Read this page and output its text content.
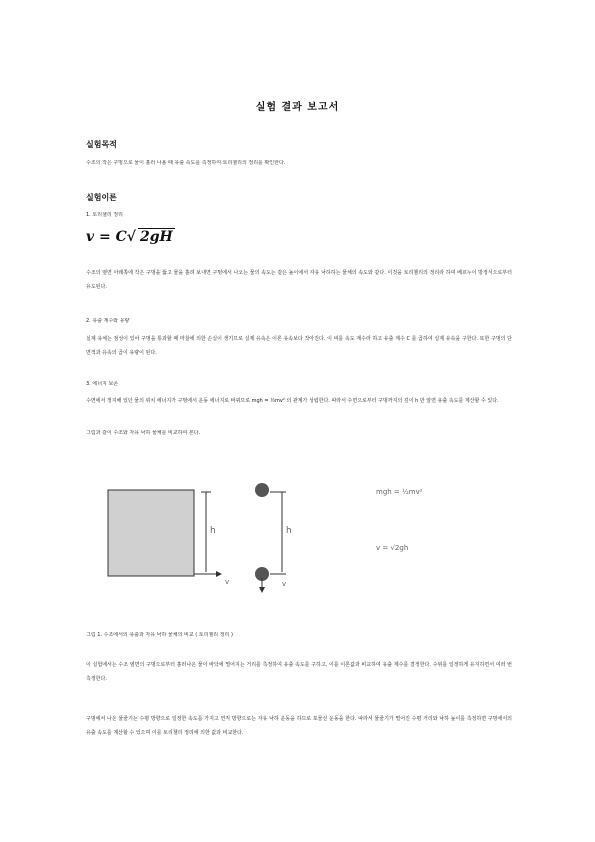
실험 결과 보고서
실험목적
수조의 작은 구멍으로 물이 흘러 나올 때 유출 속도를 측정하여 토리첼리의 정리를 확인한다.
실험이론
1. 토리첼리 정리
v = C√ 2gH
수조의 옆면 아래쪽에 작은 구멍을 뚫고 물을 흘려 보내면 구멍에서 나오는 물의 속도는 같은 높이에서 자유 낙하하는 물체의 속도와 같다. 이것을 토리첼리의 정리라 하며 베르누이 방정식으로부터 유도된다.
2. 유출 계수와 유량
실제 유체는 점성이 있어 구멍을 통과할 때 마찰에 의한 손실이 생기므로 실제 유속은 이론 유속보다 작아진다. 이 비를 속도 계수라 하고 유출 계수 C 를 곱하여 실제 유속을 구한다. 또한 구멍의 단면적과 유속의 곱이 유량이 된다.
3. 에너지 보존
수면에서 정지해 있던 물의 위치 에너지가 구멍에서 운동 에너지로 바뀌므로 mgh = ½mv² 의 관계가 성립한다. 따라서 수면으로부터 구멍까지의 깊이 h 만 알면 유출 속도를 계산할 수 있다.
그림과 같이 수조와 자유 낙하 물체를 비교하여 본다.
h
v
h
v
mgh = ½mv²
v = √2gh
그림 1. 수조에서의 유출과 자유 낙하 물체의 비교 ( 토리첼리 정리 )
이 실험에서는 수조 옆면의 구멍으로부터 흘러나온 물이 바닥에 떨어지는 거리를 측정하여 유출 속도를 구하고, 이를 이론값과 비교하여 유출 계수를 결정한다. 수위를 일정하게 유지하면서 여러 번 측정한다.
구멍에서 나온 물줄기는 수평 방향으로 일정한 속도를 가지고 연직 방향으로는 자유 낙하 운동을 하므로 포물선 운동을 한다. 따라서 물줄기가 떨어진 수평 거리와 낙하 높이를 측정하면 구멍에서의 유출 속도를 계산할 수 있으며 이를 토리첼리 정리에 의한 값과 비교한다.
